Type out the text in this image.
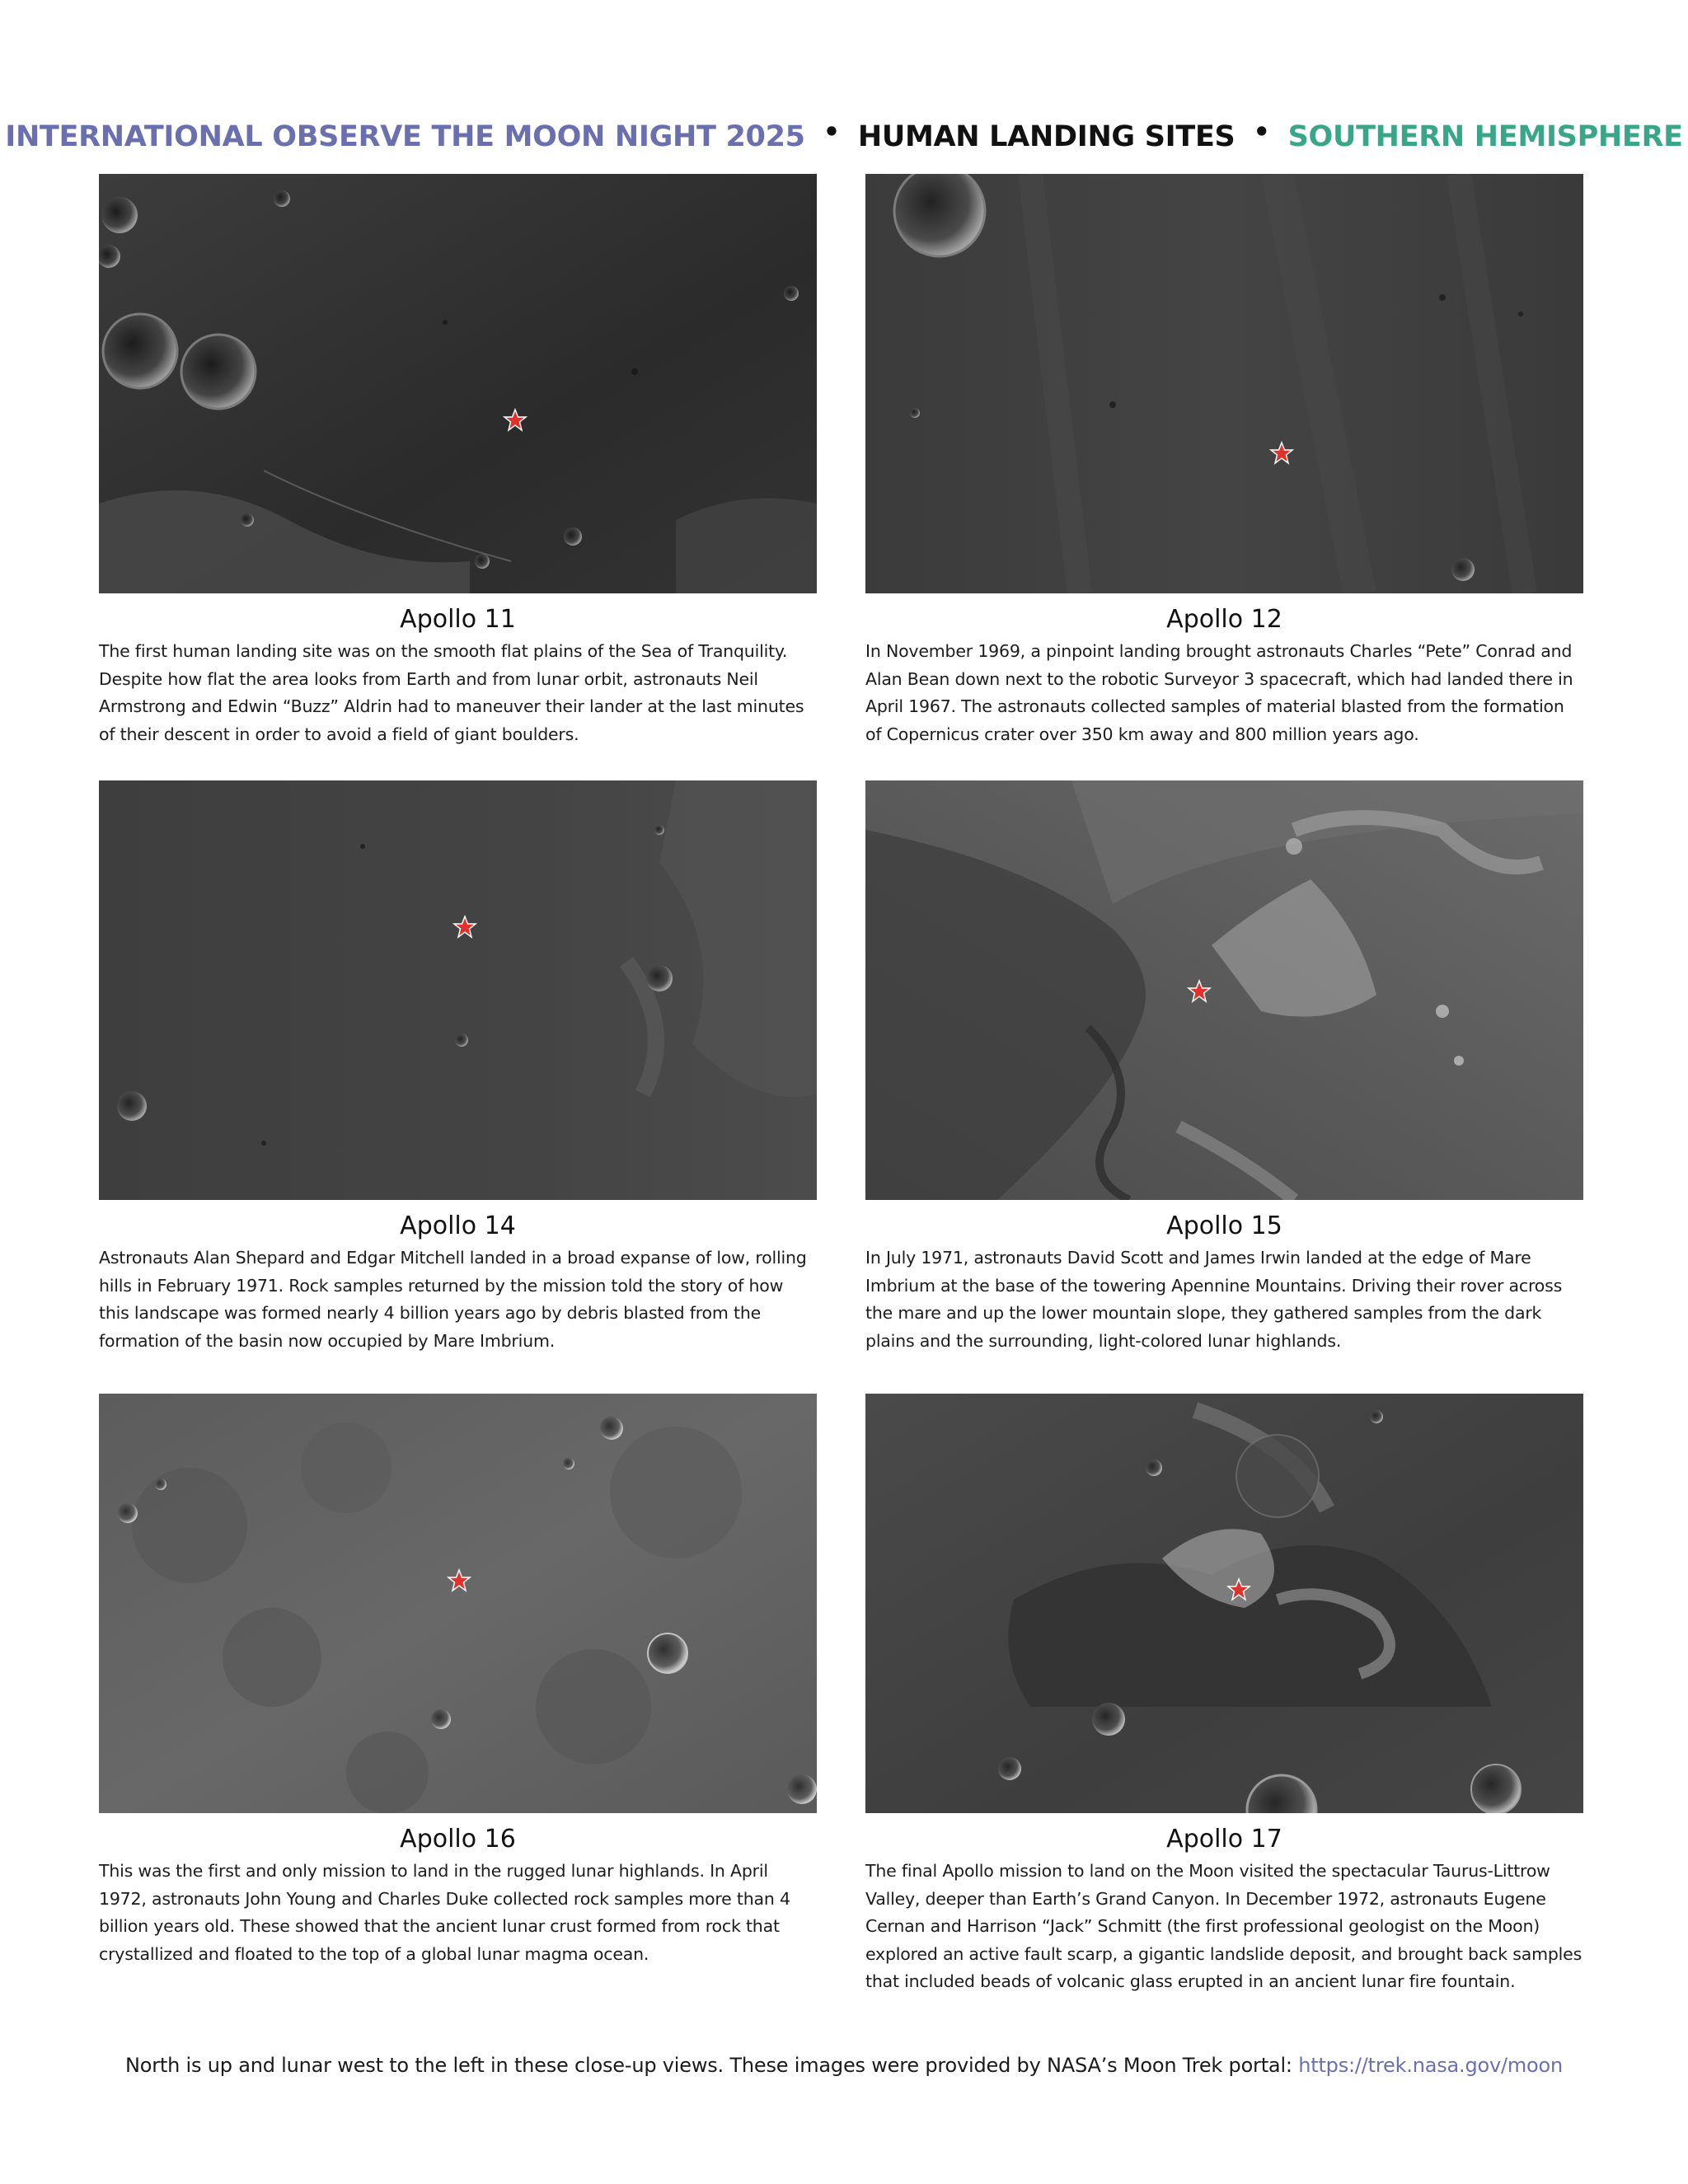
INTERNATIONAL OBSERVE THE MOON NIGHT 2025 • HUMAN LANDING SITES • SOUTHERN HEMISPHERE
Apollo 11
The first human landing site was on the smooth flat plains of the Sea of Tranquility. Despite how flat the area looks from Earth and from lunar orbit, astronauts Neil Armstrong and Edwin “Buzz” Aldrin had to maneuver their lander at the last minutes of their descent in order to avoid a field of giant boulders.
Apollo 12
In November 1969, a pinpoint landing brought astronauts Charles “Pete” Conrad and Alan Bean down next to the robotic Surveyor 3 spacecraft, which had landed there in April 1967. The astronauts collected samples of material blasted from the formation of Copernicus crater over 350 km away and 800 million years ago.
Apollo 14
Astronauts Alan Shepard and Edgar Mitchell landed in a broad expanse of low, rolling hills in February 1971. Rock samples returned by the mission told the story of how this landscape was formed nearly 4 billion years ago by debris blasted from the formation of the basin now occupied by Mare Imbrium.
Apollo 15
In July 1971, astronauts David Scott and James Irwin landed at the edge of Mare Imbrium at the base of the towering Apennine Mountains. Driving their rover across the mare and up the lower mountain slope, they gathered samples from the dark plains and the surrounding, light-colored lunar highlands.
Apollo 16
This was the first and only mission to land in the rugged lunar highlands. In April 1972, astronauts John Young and Charles Duke collected rock samples more than 4 billion years old. These showed that the ancient lunar crust formed from rock that crystallized and floated to the top of a global lunar magma ocean.
Apollo 17
The final Apollo mission to land on the Moon visited the spectacular Taurus-Littrow Valley, deeper than Earth’s Grand Canyon. In December 1972, astronauts Eugene Cernan and Harrison “Jack” Schmitt (the first professional geologist on the Moon) explored an active fault scarp, a gigantic landslide deposit, and brought back samples that included beads of volcanic glass erupted in an ancient lunar fire fountain.
North is up and lunar west to the left in these close-up views. These images were provided by NASA’s Moon Trek portal: https://trek.nasa.gov/moon
